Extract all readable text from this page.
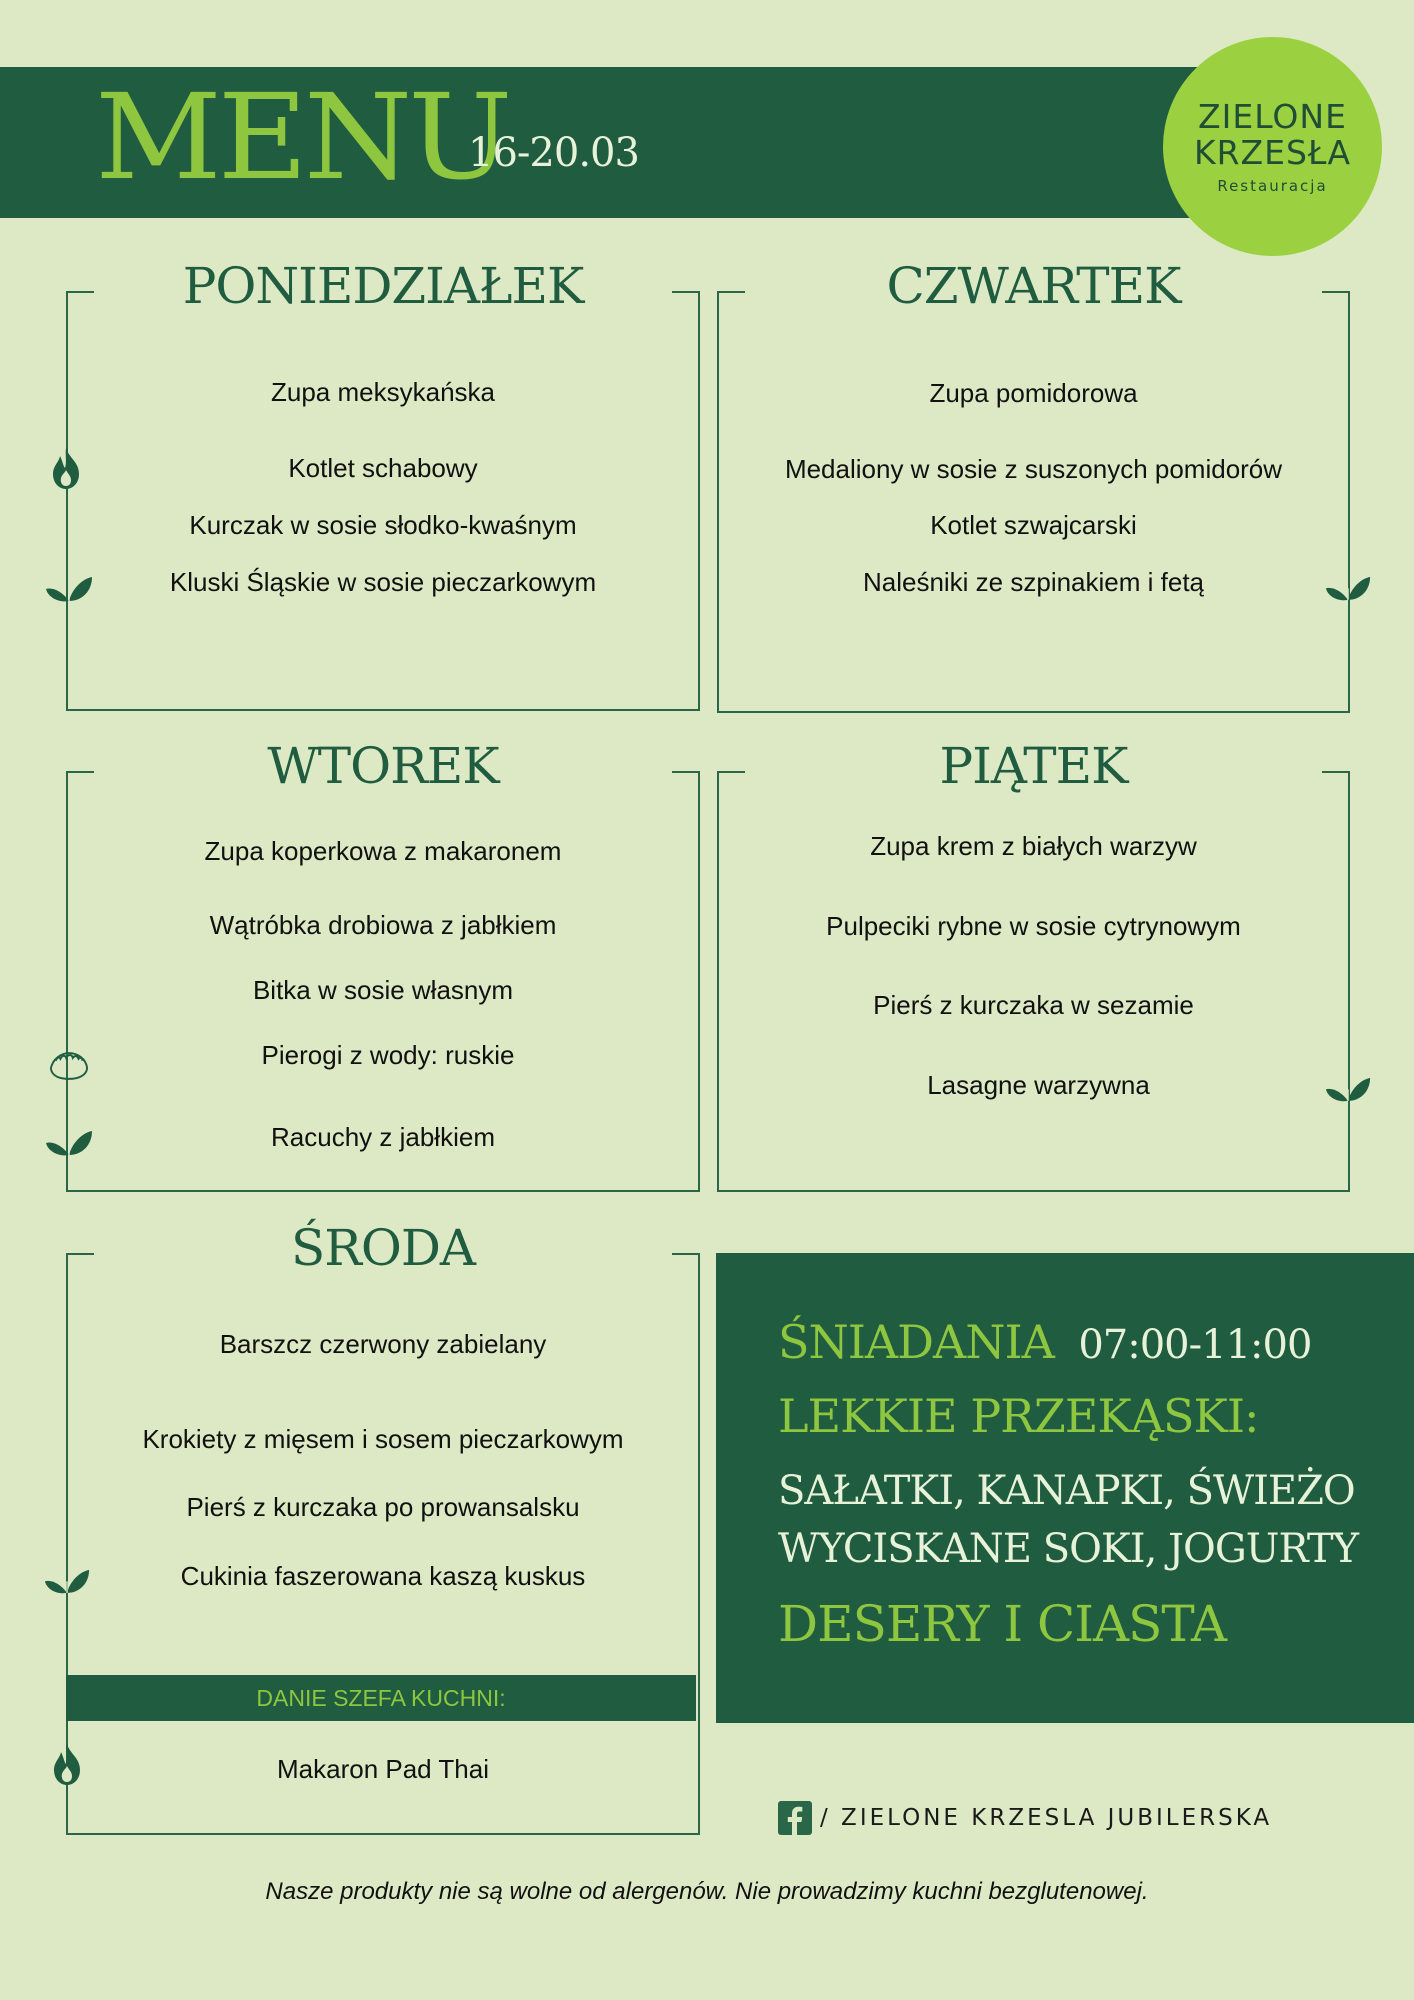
MENU
16-20.03
ZIELONE
KRZESŁA
Restauracja
PONIEDZIAŁEK
Zupa meksykańska
Kotlet schabowy
Kurczak w sosie słodko-kwaśnym
Kluski Śląskie w sosie pieczarkowym
CZWARTEK
Zupa pomidorowa
Medaliony w sosie z suszonych pomidorów
Kotlet szwajcarski
Naleśniki ze szpinakiem i fetą
WTOREK
Zupa koperkowa z makaronem
Wątróbka drobiowa z jabłkiem
Bitka w sosie własnym
Pierogi z wody: ruskie
Racuchy z jabłkiem
PIĄTEK
Zupa krem z białych warzyw
Pulpeciki rybne w sosie cytrynowym
Pierś z kurczaka w sezamie
Lasagne warzywna
ŚRODA
Barszcz czerwony zabielany
Krokiety z mięsem i sosem pieczarkowym
Pierś z kurczaka po prowansalsku
Cukinia faszerowana kaszą kuskus
Makaron Pad Thai
DANIE SZEFA KUCHNI:
ŚNIADANIA 07:00-11:00
LEKKIE PRZEKĄSKI:
SAŁATKI, KANAPKI, ŚWIEŻO
WYCISKANE SOKI, JOGURTY
DESERY I CIASTA
/ ZIELONE KRZESLA JUBILERSKA
Nasze produkty nie są wolne od alergenów. Nie prowadzimy kuchni bezglutenowej.
